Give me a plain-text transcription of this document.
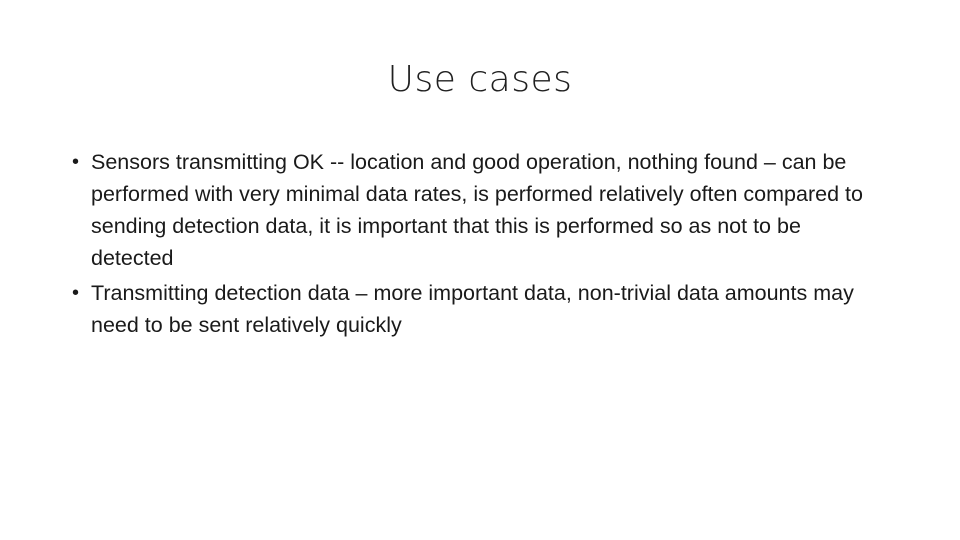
Use cases
• Sensors transmitting OK -- location and good operation, nothing found – can be performed with very minimal data rates, is performed relatively often compared to sending detection data, it is important that this is performed so as not to be detected
• Transmitting detection data – more important data, non-trivial data amounts may need to be sent relatively quickly
